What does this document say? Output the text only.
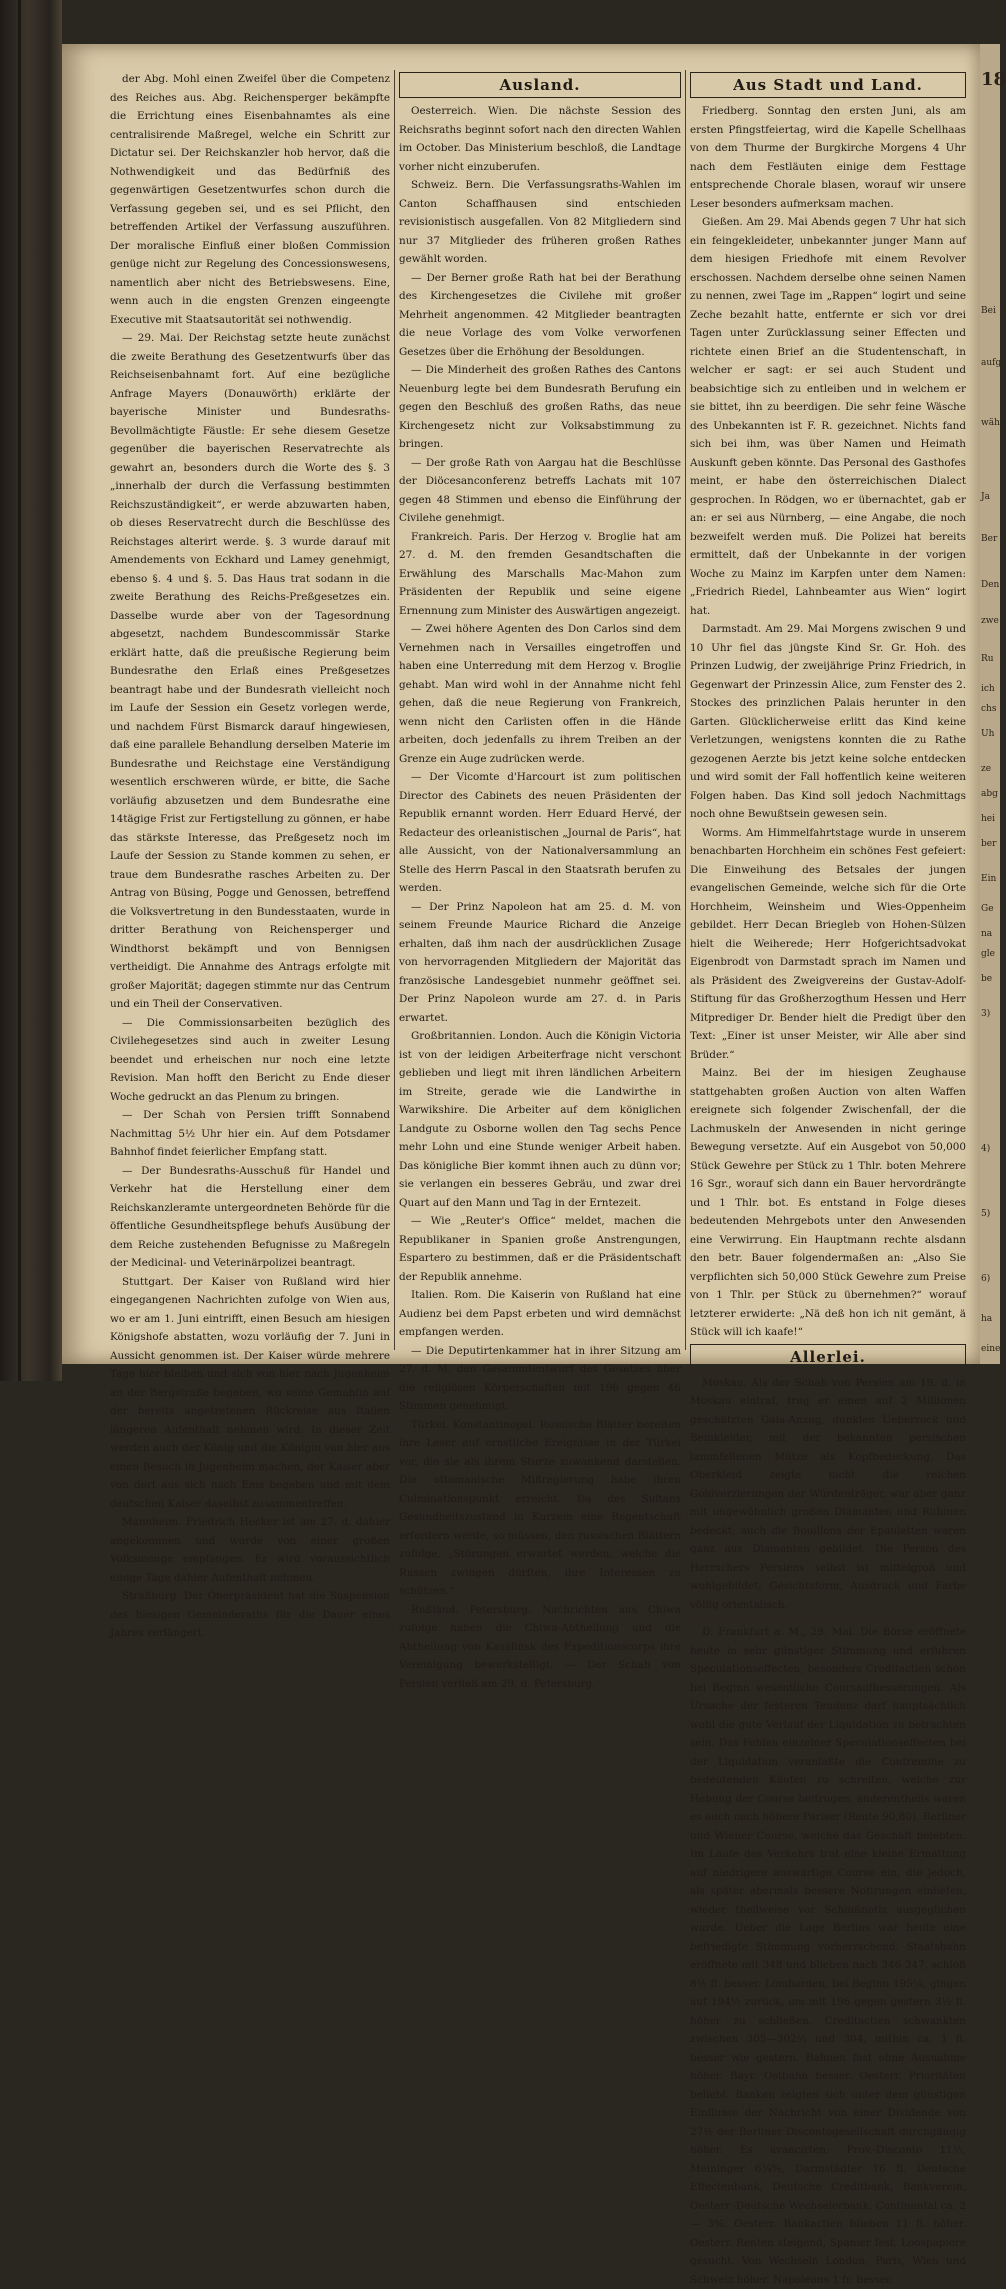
der Abg. Mohl einen Zweifel über die Competenz des Reiches aus. Abg. Reichensperger bekämpfte die Errichtung eines Eisenbahnamtes als eine centralisirende Maßregel, welche ein Schritt zur Dictatur sei. Der Reichskanzler hob hervor, daß die Nothwendigkeit und das Bedürfniß des gegenwärtigen Gesetzentwurfes schon durch die Verfassung gegeben sei, und es sei Pflicht, den betreffenden Artikel der Verfassung auszuführen. Der moralische Einfluß einer bloßen Commission genüge nicht zur Regelung des Concessionswesens, namentlich aber nicht des Betriebswesens. Eine, wenn auch in die engsten Grenzen eingeengte Executive mit Staatsautorität sei nothwendig.

— 29. Mai. Der Reichstag setzte heute zunächst die zweite Berathung des Gesetzentwurfs über das Reichseisenbahnamt fort. Auf eine bezügliche Anfrage Mayers (Donauwörth) erklärte der bayerische Minister und Bundesraths-Bevollmächtigte Fäustle: Er sehe diesem Gesetze gegenüber die bayerischen Reservatrechte als gewahrt an, besonders durch die Worte des §. 3 „innerhalb der durch die Verfassung bestimmten Reichszuständigkeit“, er werde abzuwarten haben, ob dieses Reservatrecht durch die Beschlüsse des Reichstages alterirt werde. §. 3 wurde darauf mit Amendements von Eckhard und Lamey genehmigt, ebenso §. 4 und §. 5. Das Haus trat sodann in die zweite Berathung des Reichs-Preßgesetzes ein. Dasselbe wurde aber von der Tagesordnung abgesetzt, nachdem Bundescommissär Starke erklärt hatte, daß die preußische Regierung beim Bundesrathe den Erlaß eines Preßgesetzes beantragt habe und der Bundesrath vielleicht noch im Laufe der Session ein Gesetz vorlegen werde, und nachdem Fürst Bismarck darauf hingewiesen, daß eine parallele Behandlung derselben Materie im Bundesrathe und Reichstage eine Verständigung wesentlich erschweren würde, er bitte, die Sache vorläufig abzusetzen und dem Bundesrathe eine 14tägige Frist zur Fertigstellung zu gönnen, er habe das stärkste Interesse, das Preßgesetz noch im Laufe der Session zu Stande kommen zu sehen, er traue dem Bundesrathe rasches Arbeiten zu. Der Antrag von Büsing, Pogge und Genossen, betreffend die Volksvertretung in den Bundesstaaten, wurde in dritter Berathung von Reichensperger und Windthorst bekämpft und von Bennigsen vertheidigt. Die Annahme des Antrags erfolgte mit großer Majorität; dagegen stimmte nur das Centrum und ein Theil der Conservativen.

— Die Commissionsarbeiten bezüglich des Civilehegesetzes sind auch in zweiter Lesung beendet und erheischen nur noch eine letzte Revision. Man hofft den Bericht zu Ende dieser Woche gedruckt an das Plenum zu bringen.

— Der Schah von Persien trifft Sonnabend Nachmittag 5½ Uhr hier ein. Auf dem Potsdamer Bahnhof findet feierlicher Empfang statt.

— Der Bundesraths-Ausschuß für Handel und Verkehr hat die Herstellung einer dem Reichskanzleramte untergeordneten Behörde für die öffentliche Gesundheitspflege behufs Ausübung der dem Reiche zustehenden Befugnisse zu Maßregeln der Medicinal- und Veterinärpolizei beantragt.

Stuttgart. Der Kaiser von Rußland wird hier eingegangenen Nachrichten zufolge von Wien aus, wo er am 1. Juni eintrifft, einen Besuch am hiesigen Königshofe abstatten, wozu vorläufig der 7. Juni in Aussicht genommen ist. Der Kaiser würde mehrere Tage hier bleiben und sich von hier nach Jugenheim an der Bergstraße begeben, wo seine Gemahlin auf der bereits angetretenen Rückreise aus Italien längeren Aufenthalt nehmen wird. In dieser Zeit werden auch der König und die Königin von hier aus einen Besuch in Jugenheim machen, der Kaiser aber von dort aus sich nach Ems begeben und mit dem deutschen Kaiser daselbst zusammentreffen.

Mannheim. Friedrich Hecker ist am 27. d. dahier angekommen und wurde von einer großen Volksmenge empfangen. Er wird voraussichtlich einige Tage dahier Aufenthalt nehmen.

Straßburg. Der Oberpräsident hat die Suspension des hiesigen Gemeinderaths für die Dauer eines Jahres verlängert.

Ausland.

Oesterreich. Wien. Die nächste Session des Reichsraths beginnt sofort nach den directen Wahlen im October. Das Ministerium beschloß, die Landtage vorher nicht einzuberufen.

Schweiz. Bern. Die Verfassungsraths-Wahlen im Canton Schaffhausen sind entschieden revisionistisch ausgefallen. Von 82 Mitgliedern sind nur 37 Mitglieder des früheren großen Rathes gewählt worden.

— Der Berner große Rath hat bei der Berathung des Kirchengesetzes die Civilehe mit großer Mehrheit angenommen. 42 Mitglieder beantragten die neue Vorlage des vom Volke verworfenen Gesetzes über die Erhöhung der Besoldungen.

— Die Minderheit des großen Rathes des Cantons Neuenburg legte bei dem Bundesrath Berufung ein gegen den Beschluß des großen Raths, das neue Kirchengesetz nicht zur Volksabstimmung zu bringen.

— Der große Rath von Aargau hat die Beschlüsse der Diöcesanconferenz betreffs Lachats mit 107 gegen 48 Stimmen und ebenso die Einführung der Civilehe genehmigt.

Frankreich. Paris. Der Herzog v. Broglie hat am 27. d. M. den fremden Gesandtschaften die Erwählung des Marschalls Mac-Mahon zum Präsidenten der Republik und seine eigene Ernennung zum Minister des Auswärtigen angezeigt.

— Zwei höhere Agenten des Don Carlos sind dem Vernehmen nach in Versailles eingetroffen und haben eine Unterredung mit dem Herzog v. Broglie gehabt. Man wird wohl in der Annahme nicht fehl gehen, daß die neue Regierung von Frankreich, wenn nicht den Carlisten offen in die Hände arbeiten, doch jedenfalls zu ihrem Treiben an der Grenze ein Auge zudrücken werde.

— Der Vicomte d'Harcourt ist zum politischen Director des Cabinets des neuen Präsidenten der Republik ernannt worden. Herr Eduard Hervé, der Redacteur des orleanistischen „Journal de Paris“, hat alle Aussicht, von der Nationalversammlung an Stelle des Herrn Pascal in den Staatsrath berufen zu werden.

— Der Prinz Napoleon hat am 25. d. M. von seinem Freunde Maurice Richard die Anzeige erhalten, daß ihm nach der ausdrücklichen Zusage von hervorragenden Mitgliedern der Majorität das französische Landesgebiet nunmehr geöffnet sei. Der Prinz Napoleon wurde am 27. d. in Paris erwartet.

Großbritannien. London. Auch die Königin Victoria ist von der leidigen Arbeiterfrage nicht verschont geblieben und liegt mit ihren ländlichen Arbeitern im Streite, gerade wie die Landwirthe in Warwikshire. Die Arbeiter auf dem königlichen Landgute zu Osborne wollen den Tag sechs Pence mehr Lohn und eine Stunde weniger Arbeit haben. Das königliche Bier kommt ihnen auch zu dünn vor; sie verlangen ein besseres Gebräu, und zwar drei Quart auf den Mann und Tag in der Erntezeit.

— Wie „Reuter's Office“ meldet, machen die Republikaner in Spanien große Anstrengungen, Espartero zu bestimmen, daß er die Präsidentschaft der Republik annehme.

Italien. Rom. Die Kaiserin von Rußland hat eine Audienz bei dem Papst erbeten und wird demnächst empfangen werden.

— Die Deputirtenkammer hat in ihrer Sitzung am 27. d. M. den Gesammtentwurf des Gesetzes über die religiösen Körperschaften mit 196 gegen 46 Stimmen genehmigt.

Türkei. Konstantinopel. Russische Blätter bereiten ihre Leser auf ernstliche Ereignisse in der Türkei vor, die sie als ihrem Sturze zuwankend darstellen. Die ottomanische Mißregierung habe ihren Culminationspunkt erreicht. Da des Sultans Gesundheitszustand in Kurzem eine Regentschaft erfordern werde, so müssen, den russischen Blättern zufolge, „Störungen erwartet werden, welche die Russen zwingen dürften, ihre Interessen zu schützen.“

Rußland. Petersburg. Nachrichten aus Chiwa zufolge haben die Chiwa-Abtheilung und die Abtheilung von Kasalinsk des Expeditionscorps ihre Vereinigung bewerkstelligt. — Der Schah von Persien verließ am 29. d. Petersburg.

Aus Stadt und Land.

Friedberg. Sonntag den ersten Juni, als am ersten Pfingstfeiertag, wird die Kapelle Schellhaas von dem Thurme der Burgkirche Morgens 4 Uhr nach dem Festläuten einige dem Festtage entsprechende Chorale blasen, worauf wir unsere Leser besonders aufmerksam machen.

Gießen. Am 29. Mai Abends gegen 7 Uhr hat sich ein feingekleideter, unbekannter junger Mann auf dem hiesigen Friedhofe mit einem Revolver erschossen. Nachdem derselbe ohne seinen Namen zu nennen, zwei Tage im „Rappen“ logirt und seine Zeche bezahlt hatte, entfernte er sich vor drei Tagen unter Zurücklassung seiner Effecten und richtete einen Brief an die Studentenschaft, in welcher er sagt: er sei auch Student und beabsichtige sich zu entleiben und in welchem er sie bittet, ihn zu beerdigen. Die sehr feine Wäsche des Unbekannten ist F. R. gezeichnet. Nichts fand sich bei ihm, was über Namen und Heimath Auskunft geben könnte. Das Personal des Gasthofes meint, er habe den österreichischen Dialect gesprochen. In Rödgen, wo er übernachtet, gab er an: er sei aus Nürnberg, — eine Angabe, die noch bezweifelt werden muß. Die Polizei hat bereits ermittelt, daß der Unbekannte in der vorigen Woche zu Mainz im Karpfen unter dem Namen: „Friedrich Riedel, Lahnbeamter aus Wien“ logirt hat.

Darmstadt. Am 29. Mai Morgens zwischen 9 und 10 Uhr fiel das jüngste Kind Sr. Gr. Hoh. des Prinzen Ludwig, der zweijährige Prinz Friedrich, in Gegenwart der Prinzessin Alice, zum Fenster des 2. Stockes des prinzlichen Palais herunter in den Garten. Glücklicherweise erlitt das Kind keine Verletzungen, wenigstens konnten die zu Rathe gezogenen Aerzte bis jetzt keine solche entdecken und wird somit der Fall hoffentlich keine weiteren Folgen haben. Das Kind soll jedoch Nachmittags noch ohne Bewußtsein gewesen sein.

Worms. Am Himmelfahrtstage wurde in unserem benachbarten Horchheim ein schönes Fest gefeiert: Die Einweihung des Betsales der jungen evangelischen Gemeinde, welche sich für die Orte Horchheim, Weinsheim und Wies-Oppenheim gebildet. Herr Decan Briegleb von Hohen-Sülzen hielt die Weiherede; Herr Hofgerichtsadvokat Eigenbrodt von Darmstadt sprach im Namen und als Präsident des Zweigvereins der Gustav-Adolf-Stiftung für das Großherzogthum Hessen und Herr Mitprediger Dr. Bender hielt die Predigt über den Text: „Einer ist unser Meister, wir Alle aber sind Brüder.“

Mainz. Bei der im hiesigen Zeughause stattgehabten großen Auction von alten Waffen ereignete sich folgender Zwischenfall, der die Lachmuskeln der Anwesenden in nicht geringe Bewegung versetzte. Auf ein Ausgebot von 50,000 Stück Gewehre per Stück zu 1 Thlr. boten Mehrere 16 Sgr., worauf sich dann ein Bauer hervordrängte und 1 Thlr. bot. Es entstand in Folge dieses bedeutenden Mehrgebots unter den Anwesenden eine Verwirrung. Ein Hauptmann rechte alsdann den betr. Bauer folgendermaßen an: „Also Sie verpflichten sich 50,000 Stück Gewehre zum Preise von 1 Thlr. per Stück zu übernehmen?“ worauf letzterer erwiderte: „Nä deß hon ich nit gemänt, ä Stück will ich kaafe!“

Allerlei.

Moskau. Als der Schah von Persien am 19. d. in Moskau eintraf, trug er einen auf 2 Millionen geschätzten Gala-Anzug, dunklen Ueberrock und Beinkleider, mit der bekannten persischen lammfellenen Mütze als Kopfbedeckung. Das Oberkleid zeigte nicht die reichen Goldverzierungen der Würdenträger, war aber ganz mit ungewöhnlich großen Diamanten und Rubinen bedeckt; auch die Bouillons der Epauletten waren ganz aus Diamanten gebildet. Die Person des Herrschers Persiens selbst ist mittelgroß und wohlgebildet; Gesichtsform, Ausdruck und Farbe völlig orientalisch.

D. Frankfurt a. M., 29. Mai. Die Börse eröffnete heute in sehr günstiger Stimmung und erfuhren Speculationseffecten, besonders Creditactien schon bei Beginn wesentliche Coursaufbesserungen. Als Ursache der festeren Tendenz darf hauptsächlich wohl die gute Verlauf der Liquidation zu betrachten sein. Das Fehlen einzelner Speculationseffecten bei der Liquidation veranlaßte die Contremine zu bedeutenden Käufen zu schreiten, welche zur Hebung der Course beitrugen, anderentheils waren es auch nach höhere Pariser (Rente 90,80), Berliner und Wiener Course, welche das Geschäft belebten. Im Laufe des Verkehrs trat eine kleine Ermattung auf niedrigere auswärtige Course ein, die jedoch, als später abermals bessere Notirungen einliefen, wieder theilweise vor Schlußnotiz ausgeglichen wurde. Ueber die Lage Berlins war heute eine befriedigte Stimmung vorherrschend. Staatsbahn eröffnete mit 348 und blieben nach 346 347, schloß 8½ fl. besser. Lombarden, bei Beginn 195¼, gingen auf 194½ zurück, um mit 196 gegen gestern 3½ fl. höher zu schließen. Creditactien schwankten zwischen 305—302½ und 304, mithin ca. 1 fl. besser wie gestern. Bahnen fast ohne Ausnahme höher. Bayr. Ostbahn besser. Oesterr. Prioritäten beliebt. Banken zeigten sich unter dem günstigen Einflusse der Nachricht von einer Dividende von 27½ der Berliner Discontogesellschaft durchgängig höher. Es avancirten: Prov.-Disconto 11½, Meininger 6¾%, Darmstädter 16 fl. Deutsche Effectenbank, Deutsche Creditbank, Bankverein, Oesterr.-Deutsche Wechselerbank, Continental ca. 2 — 3%. Oesterr. Bankactien blieben 11 fl. höher. Oesterr. Renten steigend, Spanier fest. Loospapiere gesucht. Von Wechseln London, Paris, Wien und Schweiz höher. Napoleons 1 fr. besser.

18
Bei
aufg
wäh
Ja
Ber
Den
zwe
Ru
ich
chs
Uh
ze
abg
hei
ber
Ein
Ge
na
gle
be
3)
4)
5)
6)
ha
eine
